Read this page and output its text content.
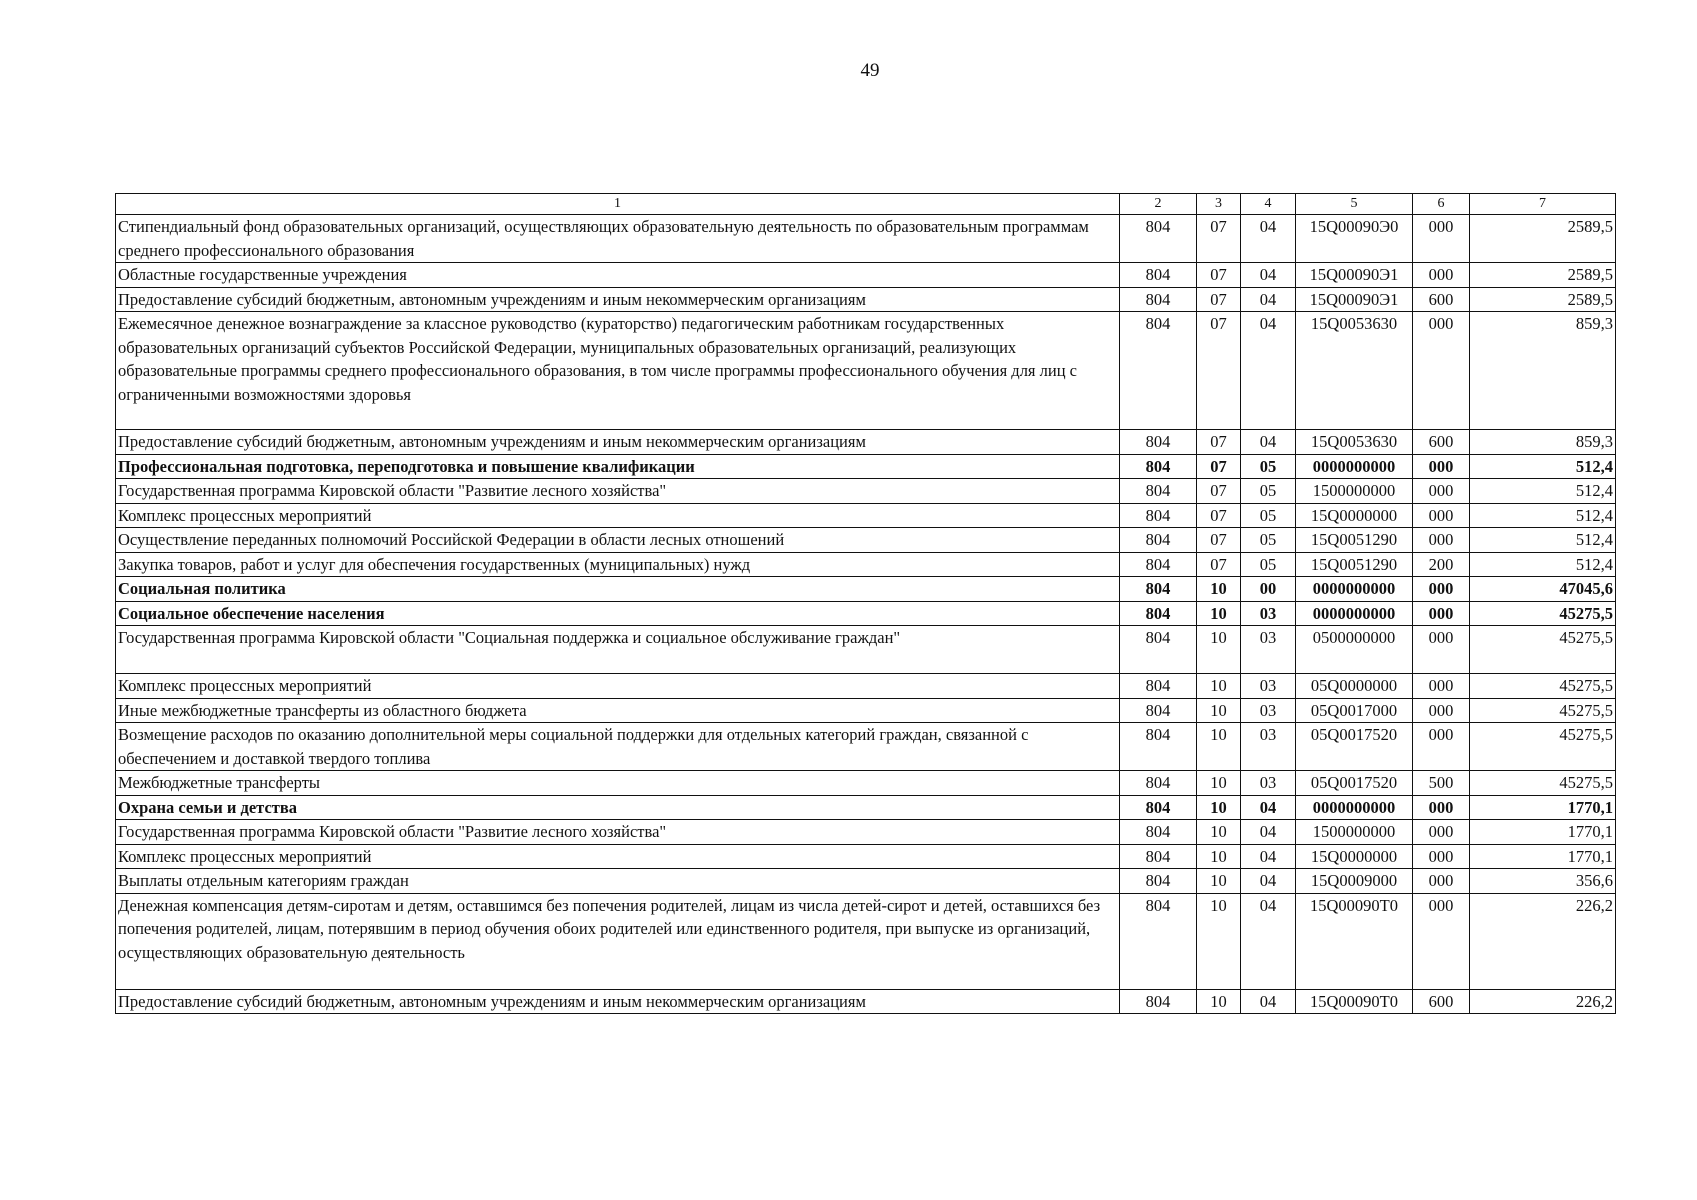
49
1	2	3	4	5	6	7
Стипендиальный фонд образовательных организаций, осуществляющих образовательную деятельность по образовательным программам среднего профессионального образования	804	07	04	15Q00090Э0	000	2589,5
Областные государственные учреждения	804	07	04	15Q00090Э1	000	2589,5
Предоставление субсидий бюджетным, автономным учреждениям и иным некоммерческим организациям	804	07	04	15Q00090Э1	600	2589,5
Ежемесячное денежное вознаграждение за классное руководство (кураторство) педагогическим работникам государственных образовательных организаций субъектов Российской Федерации, муниципальных образовательных организаций, реализующих образовательные программы среднего профессионального образования, в том числе программы профессионального обучения для лиц с ограниченными возможностями здоровья	804	07	04	15Q0053630	000	859,3
Предоставление субсидий бюджетным, автономным учреждениям и иным некоммерческим организациям	804	07	04	15Q0053630	600	859,3
Профессиональная подготовка, переподготовка и повышение квалификации	804	07	05	0000000000	000	512,4
Государственная программа Кировской области "Развитие лесного хозяйства"	804	07	05	1500000000	000	512,4
Комплекс процессных мероприятий	804	07	05	15Q0000000	000	512,4
Осуществление переданных полномочий Российской Федерации в области лесных отношений	804	07	05	15Q0051290	000	512,4
Закупка товаров, работ и услуг для обеспечения государственных (муниципальных) нужд	804	07	05	15Q0051290	200	512,4
Социальная политика	804	10	00	0000000000	000	47045,6
Социальное обеспечение населения	804	10	03	0000000000	000	45275,5
Государственная программа Кировской области "Социальная поддержка и социальное обслуживание граждан"	804	10	03	0500000000	000	45275,5
Комплекс процессных мероприятий	804	10	03	05Q0000000	000	45275,5
Иные межбюджетные трансферты из областного бюджета	804	10	03	05Q0017000	000	45275,5
Возмещение расходов по оказанию дополнительной меры социальной поддержки для отдельных категорий граждан, связанной с обеспечением и доставкой твердого топлива	804	10	03	05Q0017520	000	45275,5
Межбюджетные трансферты	804	10	03	05Q0017520	500	45275,5
Охрана семьи и детства	804	10	04	0000000000	000	1770,1
Государственная программа Кировской области "Развитие лесного хозяйства"	804	10	04	1500000000	000	1770,1
Комплекс процессных мероприятий	804	10	04	15Q0000000	000	1770,1
Выплаты отдельным категориям граждан	804	10	04	15Q0009000	000	356,6
Денежная компенсация детям-сиротам и детям, оставшимся без попечения родителей, лицам из числа детей-сирот и детей, оставшихся без попечения родителей, лицам, потерявшим в период обучения обоих родителей или единственного родителя, при выпуске из организаций, осуществляющих образовательную деятельность	804	10	04	15Q00090T0	000	226,2
Предоставление субсидий бюджетным, автономным учреждениям и иным некоммерческим организациям	804	10	04	15Q00090T0	600	226,2
